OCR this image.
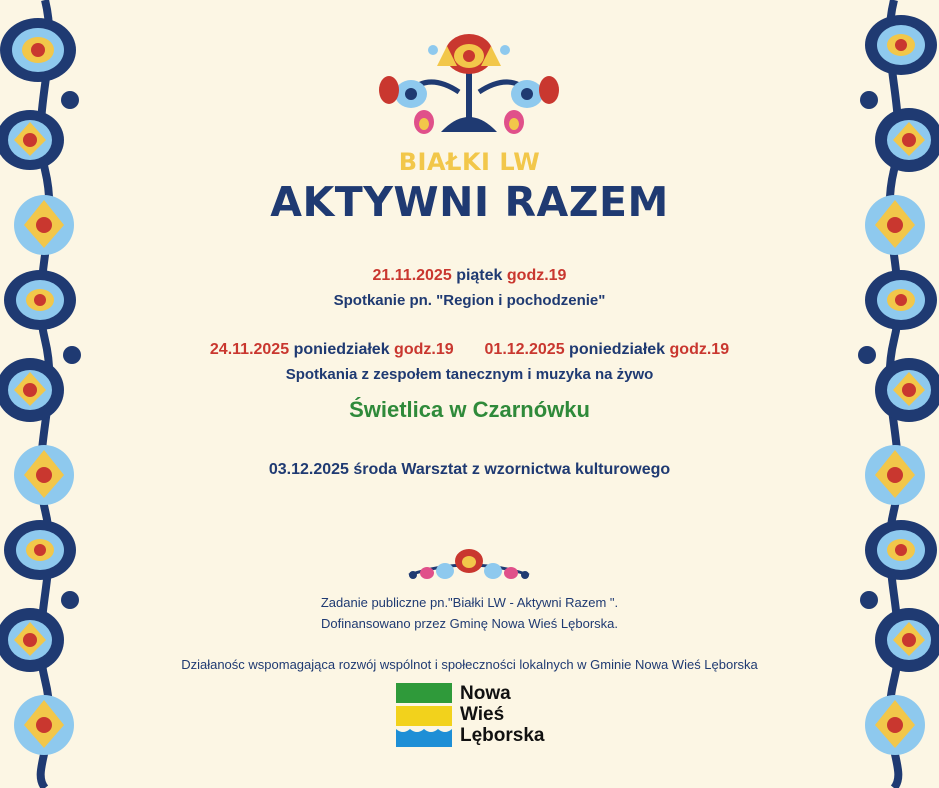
BIAŁKI LW
AKTYWNI RAZEM
21.11.2025 piątek godz.19
Spotkanie pn. "Region i pochodzenie"
24.11.2025 poniedziałek godz.19 01.12.2025 poniedziałek godz.19
Spotkania z zespołem tanecznym i muzyka na żywo
Świetlica w Czarnówku
03.12.2025 środa Warsztat z wzornictwa kulturowego
Zadanie publiczne pn."Białki LW - Aktywni Razem ".
Dofinansowano przez Gminę Nowa Wieś Lęborska.
Działanośc wspomagająca rozwój wspólnot i społeczności lokalnych w Gminie Nowa Wieś Lęborska
Nowa
Wieś
Lęborska
